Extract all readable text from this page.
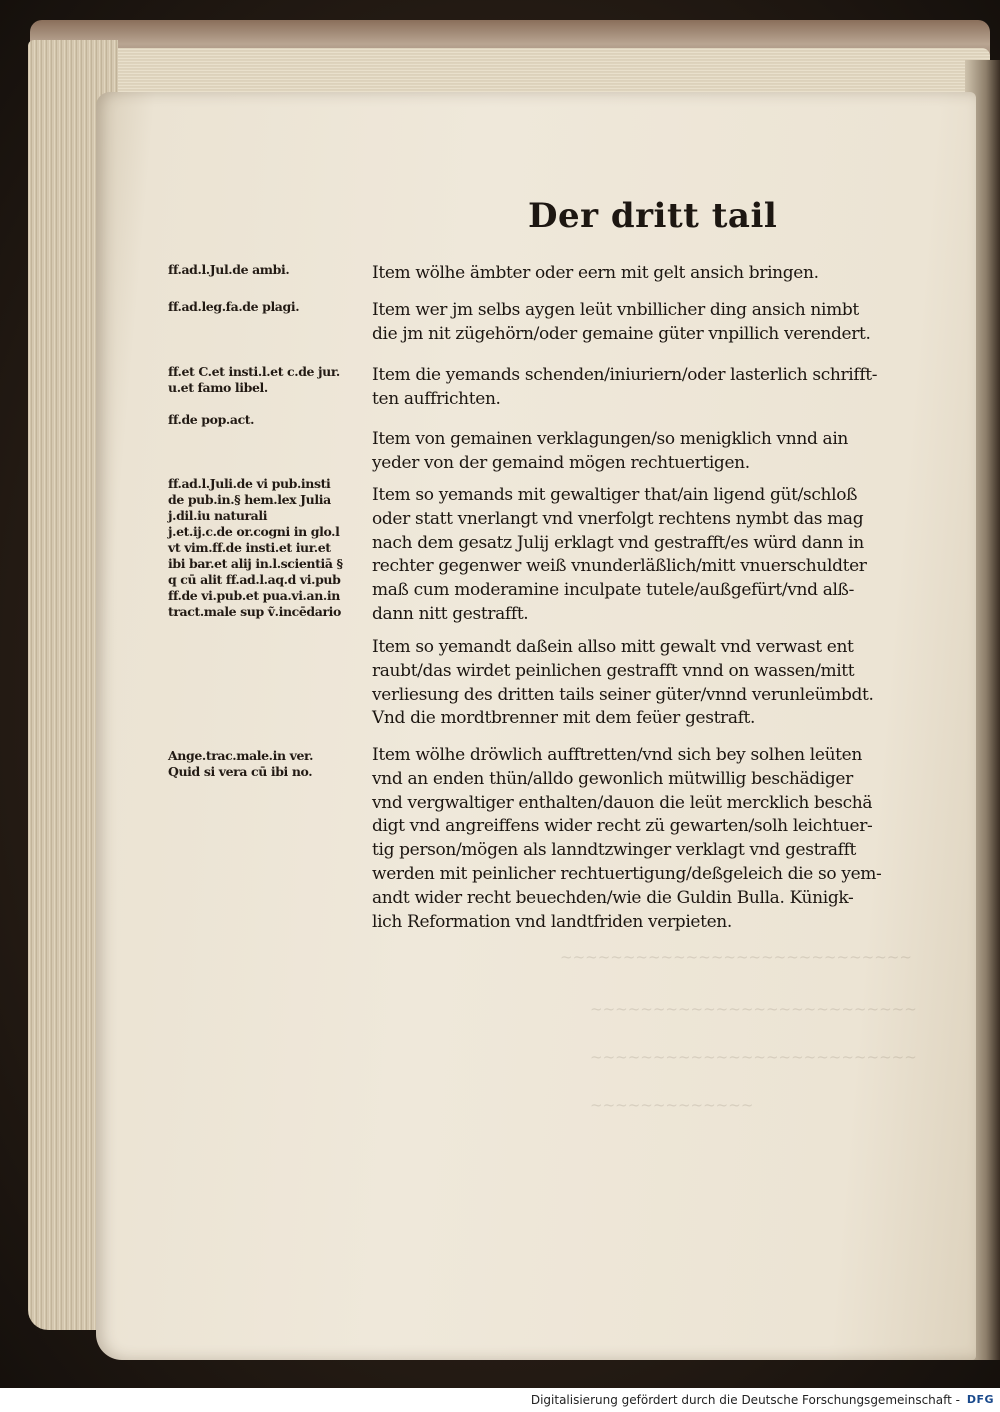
~~~~~~~~~~~~~~~~~~~~~~~~~~~~
~~~~~~~~~~~~~~~~~~~~~~~~~~
~~~~~~~~~~~~~~~~~~~~~~~~~~
~~~~~~~~~~~~~
Der dritt tail
ff.ad.l.Jul.de ambi.
ff.ad.leg.fa.de plagi.
ff.et C.et insti.l.et c.de jur.
u.et famo libel.
ff.de pop.act.
ff.ad.l.Juli.de vi pub.insti
de pub.in.§ hem.lex Julia
j.dil.iu naturali
j.et.ij.c.de or.cogni in glo.l
vt vim.ff.de insti.et iur.et
ibi bar.et alij in.l.scientiā §
q cū alit ff.ad.l.aq.d vi.pub
ff.de vi.pub.et pua.vi.an.in
tract.male sup ṽ.incēdario
Ange.trac.male.in ver.
Quid si vera cū ibi no.
Item wölhe ämbter oder eern mit gelt ansich bringen.
Item wer jm selbs aygen leüt vnbillicher ding ansich nimbt
die jm nit zügehörn/oder gemaine güter vnpillich verendert.
Item die yemands schenden/iniuriern/oder lasterlich schrifft-
ten auffrichten.
Item von gemainen verklagungen/so menigklich vnnd ain
yeder von der gemaind mögen rechtuertigen.
Item so yemands mit gewaltiger that/ain ligend güt/schloß
oder statt vnerlangt vnd vnerfolgt rechtens nymbt das mag
nach dem gesatz Julij erklagt vnd gestrafft/es würd dann in
rechter gegenwer weiß vnunderläßlich/mitt vnuerschuldter
maß cum moderamine inculpate tutele/außgefürt/vnd alß-
dann nitt gestrafft.
Item so yemandt daßein allso mitt gewalt vnd verwast ent
raubt/das wirdet peinlichen gestrafft vnnd on wassen/mitt
verliesung des dritten tails seiner güter/vnnd verunleümbdt.
Vnd die mordtbrenner mit dem feüer gestraft.
Item wölhe dröwlich aufftretten/vnd sich bey solhen leüten
vnd an enden thün/alldo gewonlich mütwillig beschädiger
vnd vergwaltiger enthalten/dauon die leüt mercklich beschä
digt vnd angreiffens wider recht zü gewarten/solh leichtuer-
tig person/mögen als lanndtzwinger verklagt vnd gestrafft
werden mit peinlicher rechtuertigung/deßgeleich die so yem-
andt wider recht beuechden/wie die Guldin Bulla. Künigk-
lich Reformation vnd landtfriden verpieten.
Digitalisierung gefördert durch die Deutsche Forschungsgemeinschaft - DFG
